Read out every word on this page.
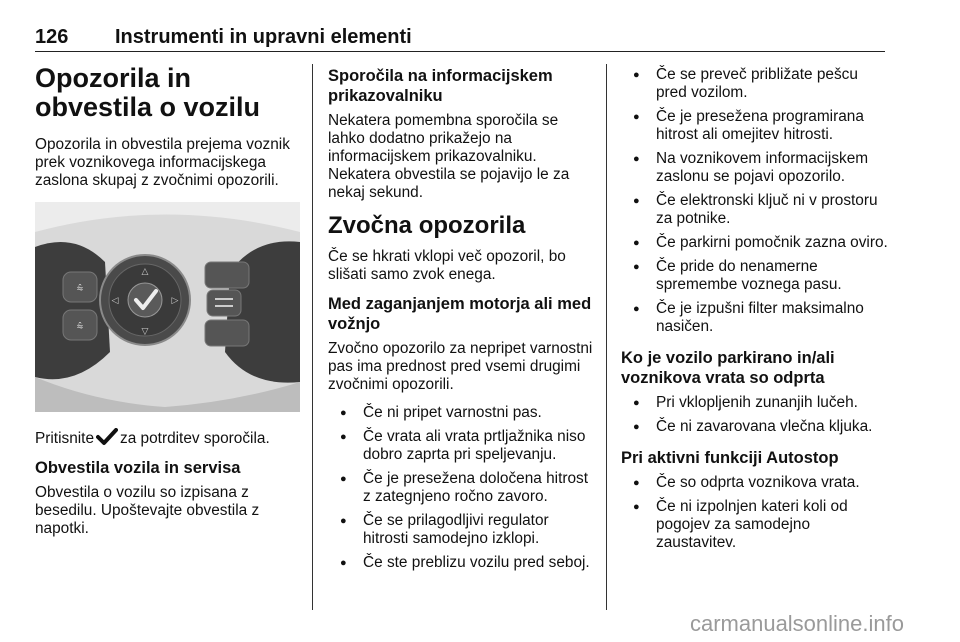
126 Instrumenti in upravni elementi
Opozorila in obvestila o vozilu

Opozorila in obvestila prejema voznik prek voznikovega informacijskega zaslona skupaj z zvočnimi opozorili.

⩯
⩯
△
▽
◁	▷

Pritisnite za potrditev sporočila.

Obvestila vozila in servisa

Obvestila o vozilu so izpisana z besedilu. Upoštevajte obvestila z napotki.

Sporočila na informacijskem prikazovalniku

Nekatera pomembna sporočila se lahko dodatno prikažejo na informacijskem prikazovalniku. Nekatera obvestila se pojavijo le za nekaj sekund.

Zvočna opozorila

Če se hkrati vklopi več opozoril, bo slišati samo zvok enega.

Med zaganjanjem motorja ali med vožnjo

Zvočno opozorilo za nepripet varnostni pas ima prednost pred vsemi drugimi zvočnimi opozorili.

● Če ni pripet varnostni pas.
● Če vrata ali vrata prtljažnika niso dobro zaprta pri speljevanju.
● Če je presežena določena hitrost z zategnjeno ročno zavoro.
● Če se prilagodljivi regulator hitrosti samodejno izklopi.
● Če ste preblizu vozilu pred seboj.
● Če se preveč približate pešcu pred vozilom.
● Če je presežena programirana hitrost ali omejitev hitrosti.
● Na voznikovem informacijskem zaslonu se pojavi opozorilo.
● Če elektronski ključ ni v prostoru za potnike.
● Če parkirni pomočnik zazna oviro.
● Če pride do nenamerne spremembe voznega pasu.
● Če je izpušni filter maksimalno nasičen.
Ko je vozilo parkirano in/ali voznikova vrata so odprta
● Pri vklopljenih zunanjih lučeh.
● Če ni zavarovana vlečna kljuka.
Pri aktivni funkciji Autostop
● Če so odprta voznikova vrata.
● Če ni izpolnjen kateri koli od pogojev za samodejno zaustavitev.
carmanualsonline.info
